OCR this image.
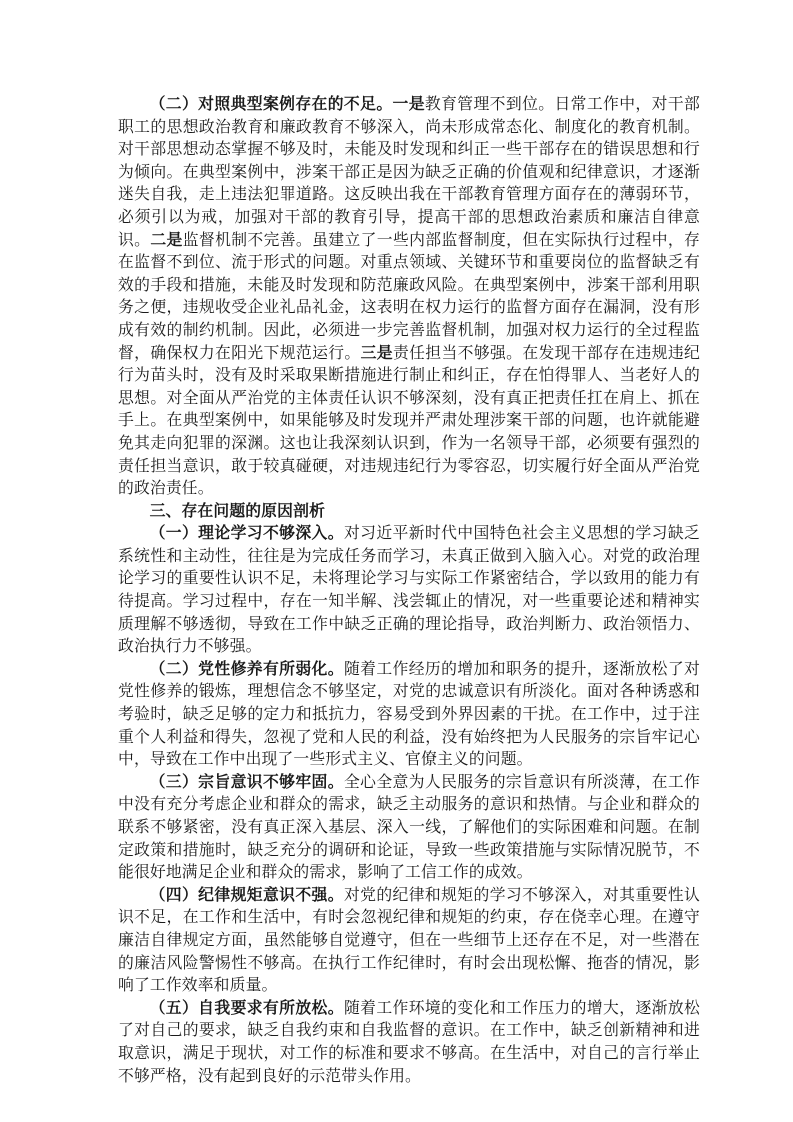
（二）对照典型案例存在的不足。一是教育管理不到位。日常工作中，对干部职工的思想政治教育和廉政教育不够深入，尚未形成常态化、制度化的教育机制。对干部思想动态掌握不够及时，未能及时发现和纠正一些干部存在的错误思想和行为倾向。在典型案例中，涉案干部正是因为缺乏正确的价值观和纪律意识，才逐渐迷失自我，走上违法犯罪道路。这反映出我在干部教育管理方面存在的薄弱环节，必须引以为戒，加强对干部的教育引导，提高干部的思想政治素质和廉洁自律意识。二是监督机制不完善。虽建立了一些内部监督制度，但在实际执行过程中，存在监督不到位、流于形式的问题。对重点领域、关键环节和重要岗位的监督缺乏有效的手段和措施，未能及时发现和防范廉政风险。在典型案例中，涉案干部利用职务之便，违规收受企业礼品礼金，这表明在权力运行的监督方面存在漏洞，没有形成有效的制约机制。因此，必须进一步完善监督机制，加强对权力运行的全过程监督，确保权力在阳光下规范运行。三是责任担当不够强。在发现干部存在违规违纪行为苗头时，没有及时采取果断措施进行制止和纠正，存在怕得罪人、当老好人的思想。对全面从严治党的主体责任认识不够深刻，没有真正把责任扛在肩上、抓在手上。在典型案例中，如果能够及时发现并严肃处理涉案干部的问题，也许就能避免其走向犯罪的深渊。这也让我深刻认识到，作为一名领导干部，必须要有强烈的责任担当意识，敢于较真碰硬，对违规违纪行为零容忍，切实履行好全面从严治党的政治责任。

三、存在问题的原因剖析

（一）理论学习不够深入。对习近平新时代中国特色社会主义思想的学习缺乏系统性和主动性，往往是为完成任务而学习，未真正做到入脑入心。对党的政治理论学习的重要性认识不足，未将理论学习与实际工作紧密结合，学以致用的能力有待提高。学习过程中，存在一知半解、浅尝辄止的情况，对一些重要论述和精神实质理解不够透彻，导致在工作中缺乏正确的理论指导，政治判断力、政治领悟力、政治执行力不够强。

（二）党性修养有所弱化。随着工作经历的增加和职务的提升，逐渐放松了对党性修养的锻炼，理想信念不够坚定，对党的忠诚意识有所淡化。面对各种诱惑和考验时，缺乏足够的定力和抵抗力，容易受到外界因素的干扰。在工作中，过于注重个人利益和得失，忽视了党和人民的利益，没有始终把为人民服务的宗旨牢记心中，导致在工作中出现了一些形式主义、官僚主义的问题。

（三）宗旨意识不够牢固。全心全意为人民服务的宗旨意识有所淡薄，在工作中没有充分考虑企业和群众的需求，缺乏主动服务的意识和热情。与企业和群众的联系不够紧密，没有真正深入基层、深入一线，了解他们的实际困难和问题。在制定政策和措施时，缺乏充分的调研和论证，导致一些政策措施与实际情况脱节，不能很好地满足企业和群众的需求，影响了工信工作的成效。

（四）纪律规矩意识不强。对党的纪律和规矩的学习不够深入，对其重要性认识不足，在工作和生活中，有时会忽视纪律和规矩的约束，存在侥幸心理。在遵守廉洁自律规定方面，虽然能够自觉遵守，但在一些细节上还存在不足，对一些潜在的廉洁风险警惕性不够高。在执行工作纪律时，有时会出现松懈、拖沓的情况，影响了工作效率和质量。

（五）自我要求有所放松。随着工作环境的变化和工作压力的增大，逐渐放松了对自己的要求，缺乏自我约束和自我监督的意识。在工作中，缺乏创新精神和进取意识，满足于现状，对工作的标准和要求不够高。在生活中，对自己的言行举止不够严格，没有起到良好的示范带头作用。
